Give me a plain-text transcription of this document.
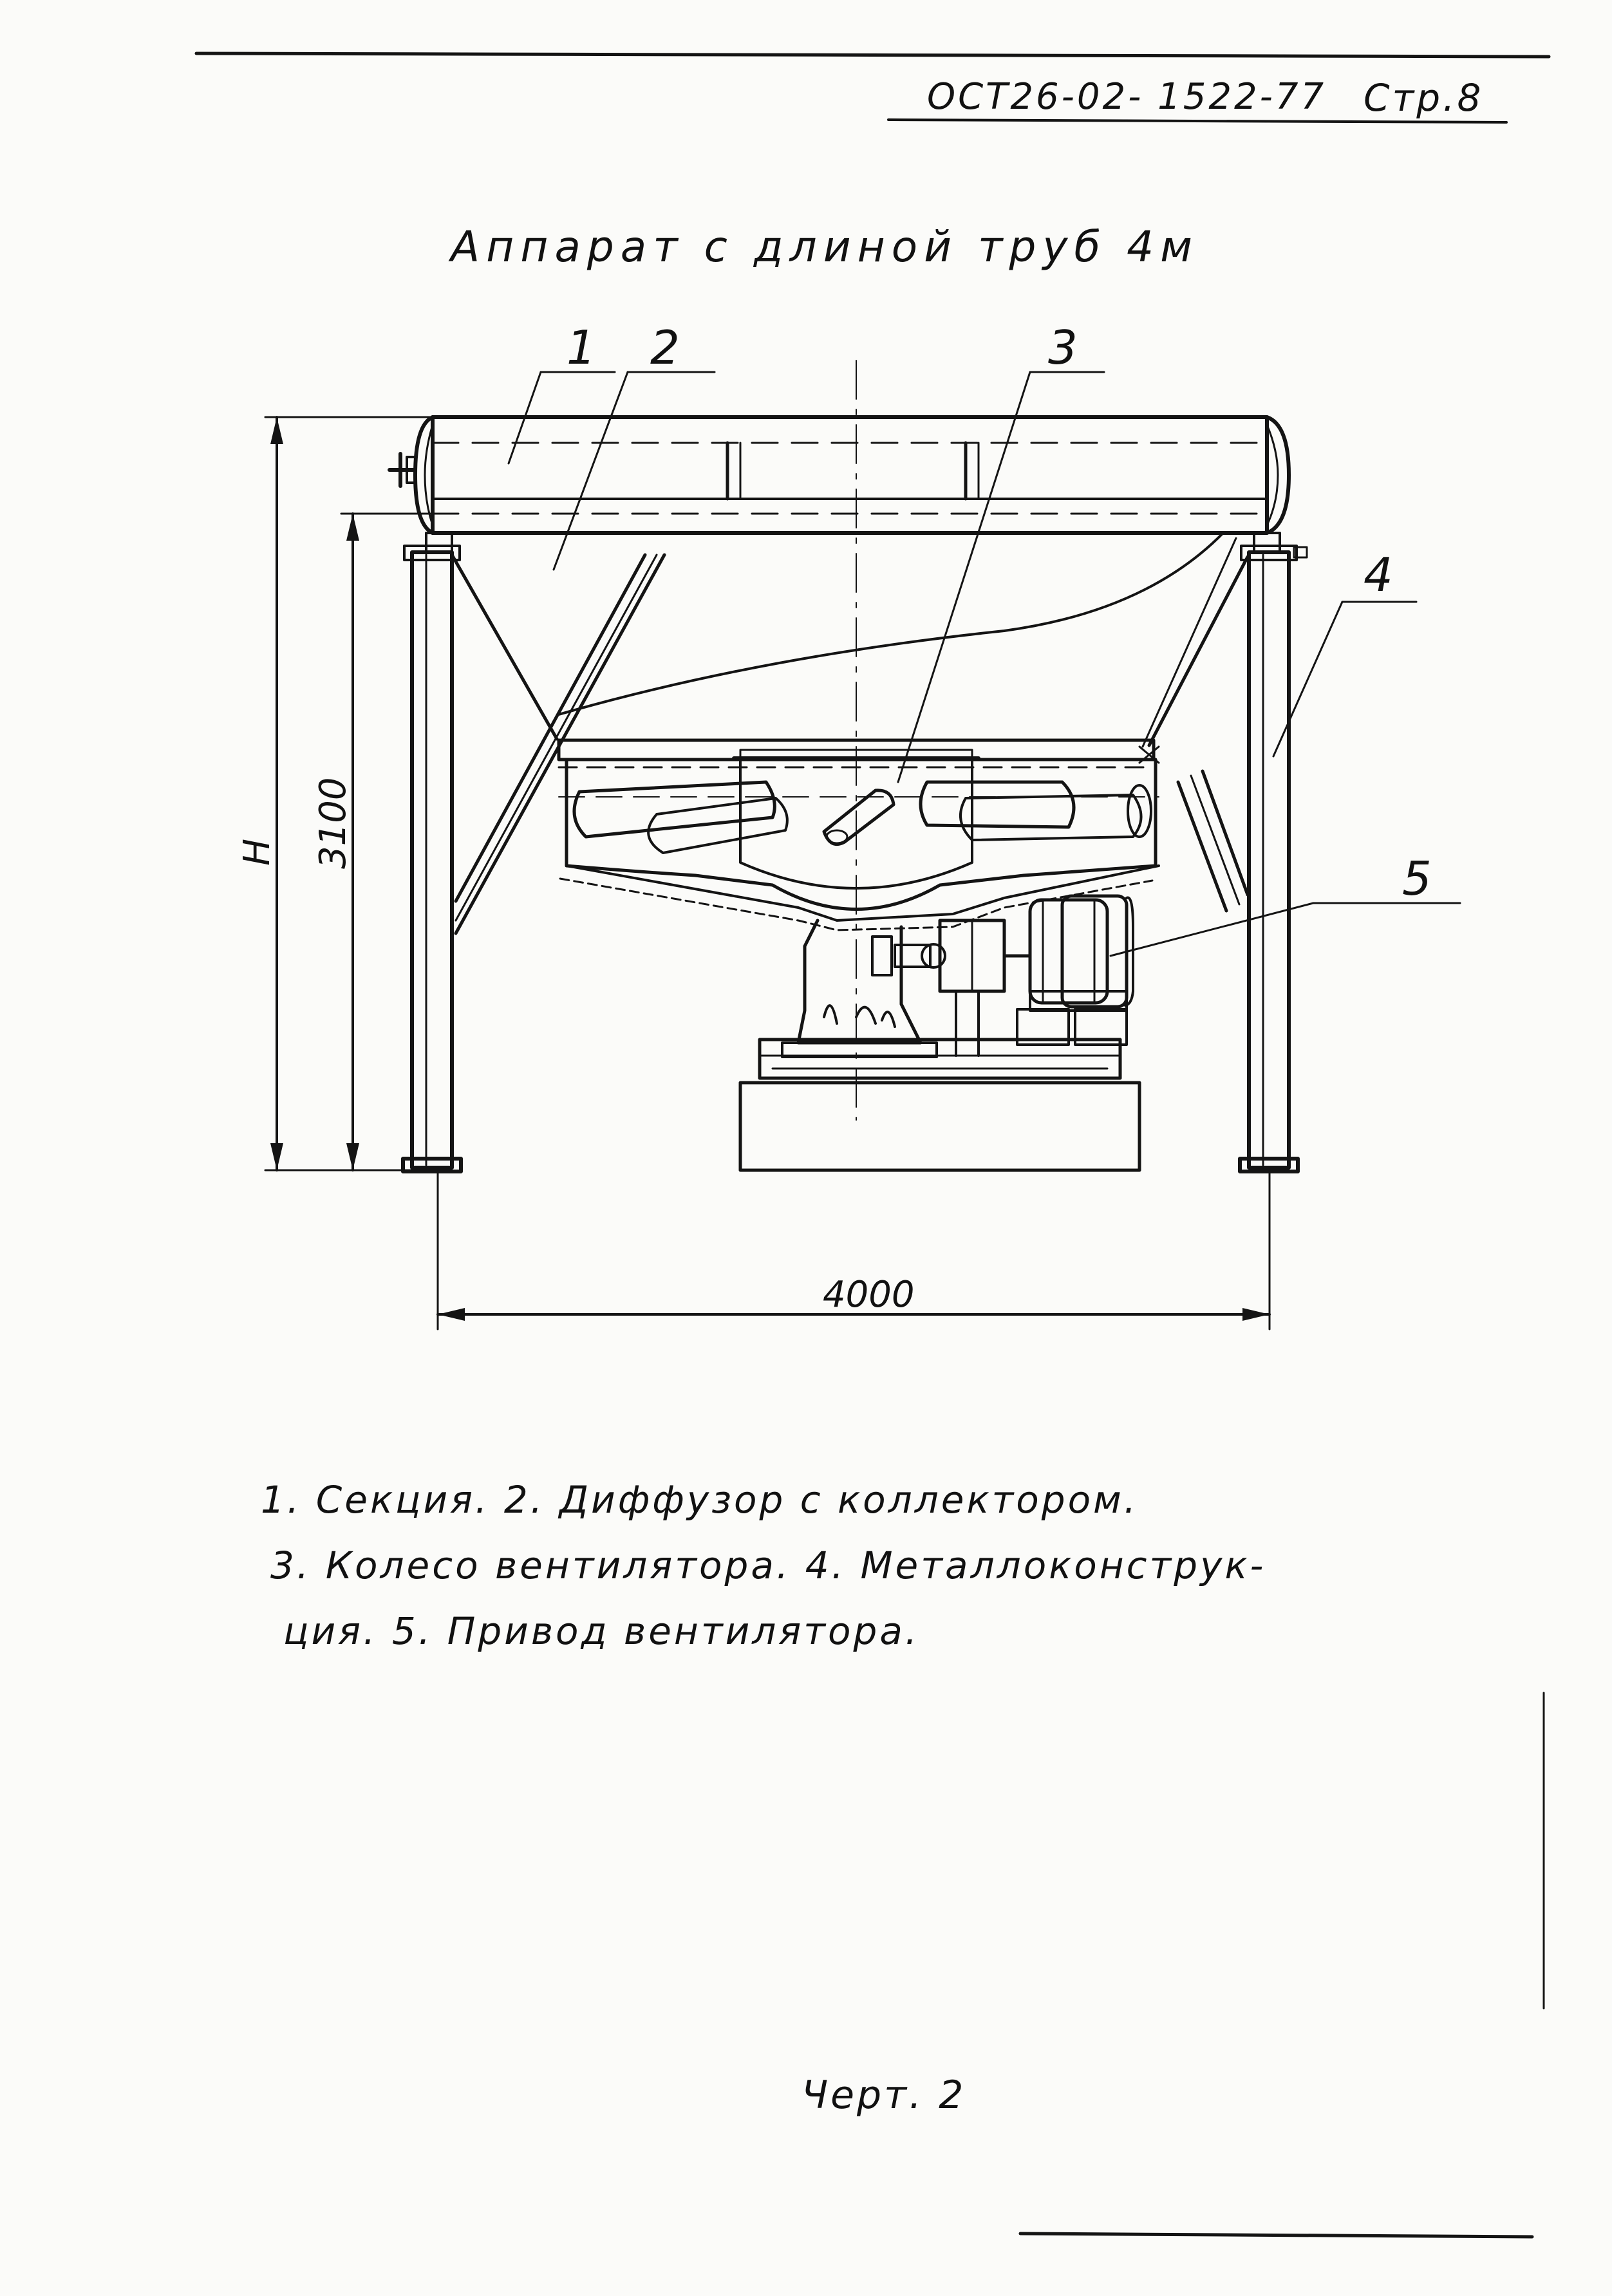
ОСТ26-02- 1522-77 Стр.8
Аппарат с длиной труб 4м
1 2	3
4
5
H 3100
4000
1. Секция. 2. Диффузор с коллектором.
3. Колесо вентилятора. 4. Металлоконструк-
ция. 5. Привод вентилятора.
Черт. 2
